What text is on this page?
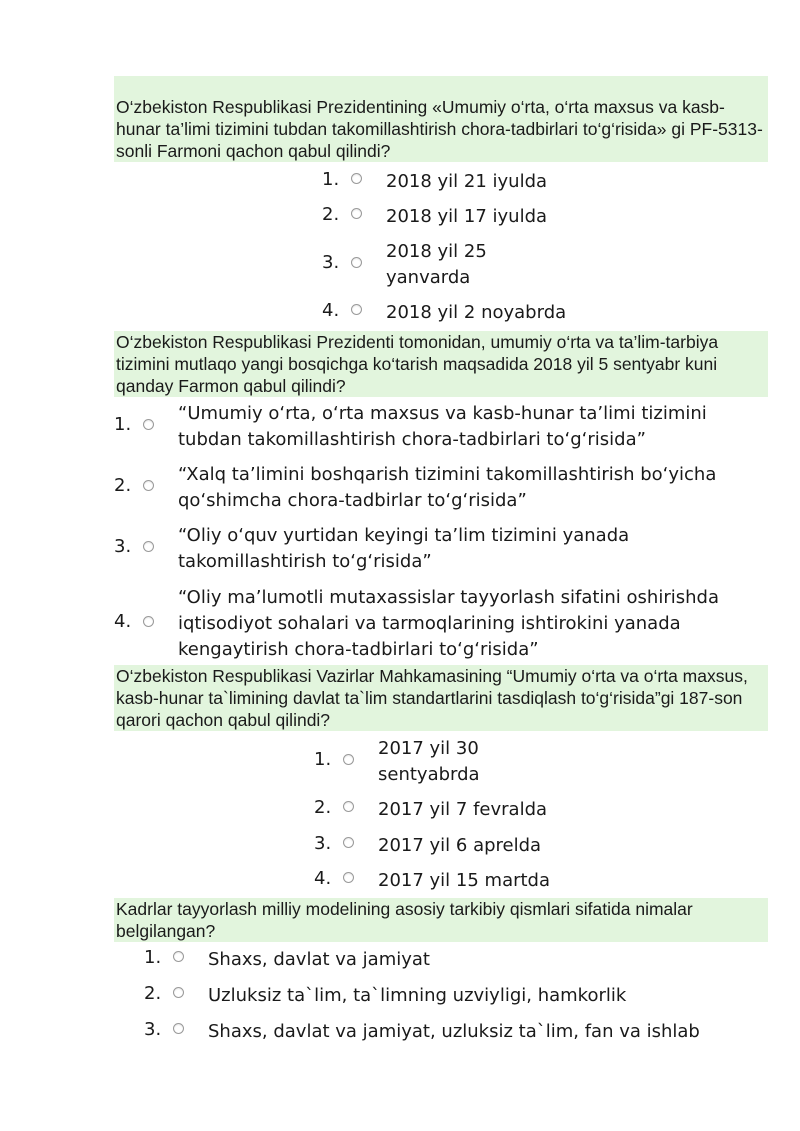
O‘zbekiston Respublikasi Prezidentining «Umumiy o‘rta, o‘rta maxsus va kasb-hunar ta’limi tizimini tubdan takomillashtirish chora-tadbirlari to‘g‘risida» gi PF-5313-sonli Farmoni qachon qabul qilindi?
1.	2018 yil 21 iyulda
2.	2018 yil 17 iyulda
3.
2018 yil 25 yanvarda
4.	2018 yil 2 noyabrda
O‘zbekiston Respublikasi Prezidenti tomonidan, umumiy o‘rta va ta’lim-tarbiya tizimini mutlaqo yangi bosqichga ko‘tarish maqsadida 2018 yil 5 sentyabr kuni qanday Farmon qabul qilindi?
1.
“Umumiy o‘rta, o‘rta maxsus va kasb-hunar ta’limi tizimini tubdan takomillashtirish chora-tadbirlari to‘g‘risida”
2.
“Xalq ta’limini boshqarish tizimini takomillashtirish bo‘yicha qo‘shimcha chora-tadbirlar to‘g‘risida”
3.
“Oliy o‘quv yurtidan keyingi ta’lim tizimini yanada takomillashtirish to‘g‘risida”
4.
“Oliy ma’lumotli mutaxassislar tayyorlash sifatini oshirishda iqtisodiyot sohalari va tarmoqlarining ishtirokini yanada kengaytirish chora-tadbirlari to‘g‘risida”
O‘zbekiston Respublikasi Vazirlar Mahkamasining “Umumiy o‘rta va o‘rta maxsus, kasb-hunar ta`limining davlat ta`lim standartlarini tasdiqlash to‘g‘risida”gi 187-son qarori qachon qabul qilindi?
1.
2017 yil 30 sentyabrda
2.	2017 yil 7 fevralda
3.	2017 yil 6 aprelda
4.	2017 yil 15 martda
Kadrlar tayyorlash milliy modelining asosiy tarkibiy qismlari sifatida nimalar belgilangan?
1.	Shaxs, davlat va jamiyat
2.	Uzluksiz ta`lim, ta`limning uzviyligi, hamkorlik
3.	Shaxs, davlat va jamiyat, uzluksiz ta`lim, fan va ishlab
